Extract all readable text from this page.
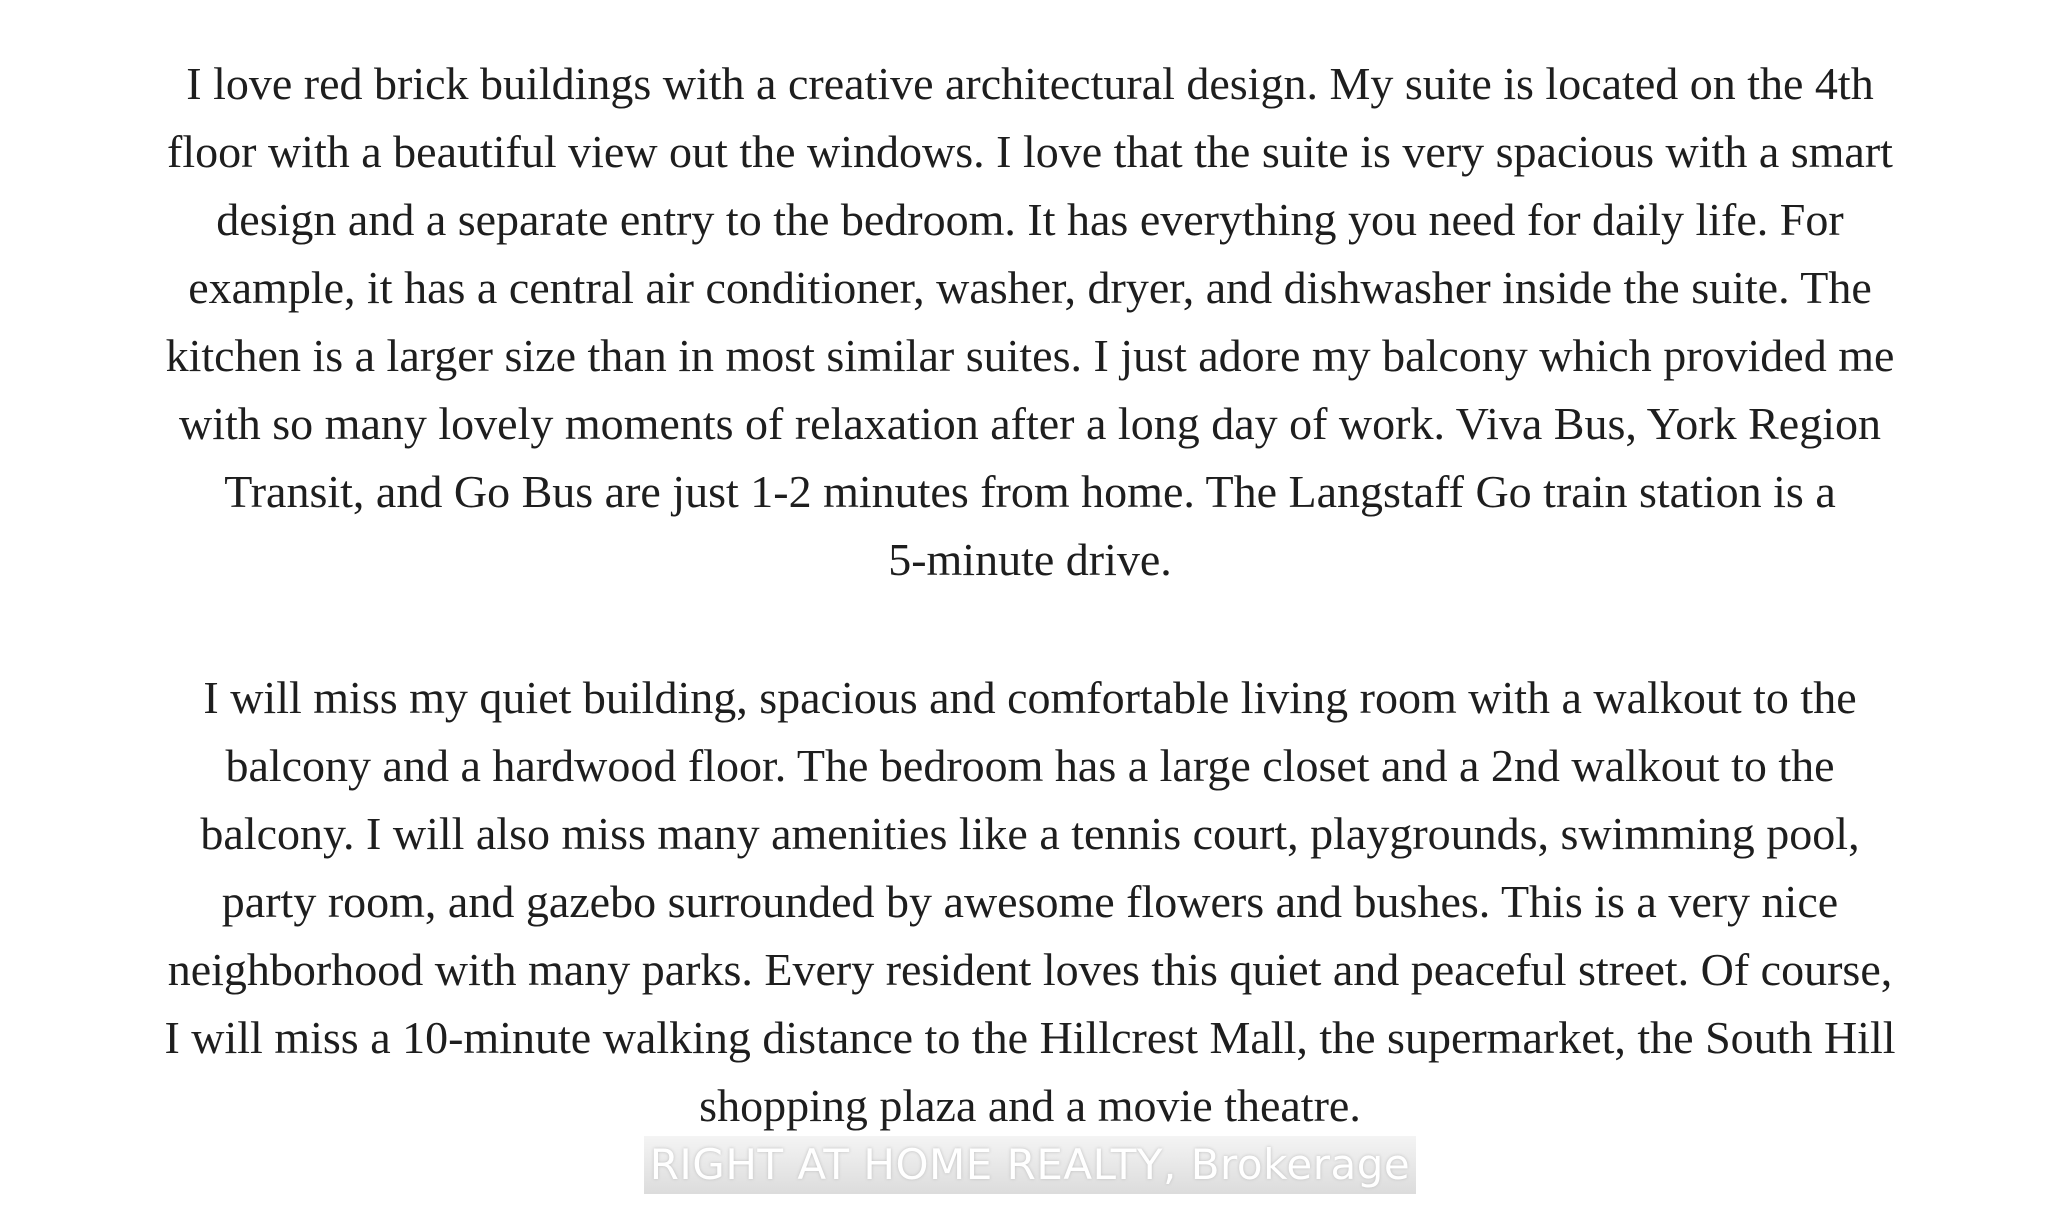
I love red brick buildings with a creative architectural design. My suite is located on the 4th
floor with a beautiful view out the windows. I love that the suite is very spacious with a smart
design and a separate entry to the bedroom. It has everything you need for daily life. For
example, it has a central air conditioner, washer, dryer, and dishwasher inside the suite. The
kitchen is a larger size than in most similar suites. I just adore my balcony which provided me
with so many lovely moments of relaxation after a long day of work. Viva Bus, York Region
Transit, and Go Bus are just 1-2 minutes from home. The Langstaff Go train station is a
5-minute drive.

I will miss my quiet building, spacious and comfortable living room with a walkout to the
balcony and a hardwood floor. The bedroom has a large closet and a 2nd walkout to the
balcony. I will also miss many amenities like a tennis court, playgrounds, swimming pool,
party room, and gazebo surrounded by awesome flowers and bushes. This is a very nice
neighborhood with many parks. Every resident loves this quiet and peaceful street. Of course,
I will miss a 10-minute walking distance to the Hillcrest Mall, the supermarket, the South Hill
shopping plaza and a movie theatre.

RIGHT AT HOME REALTY, Brokerage
